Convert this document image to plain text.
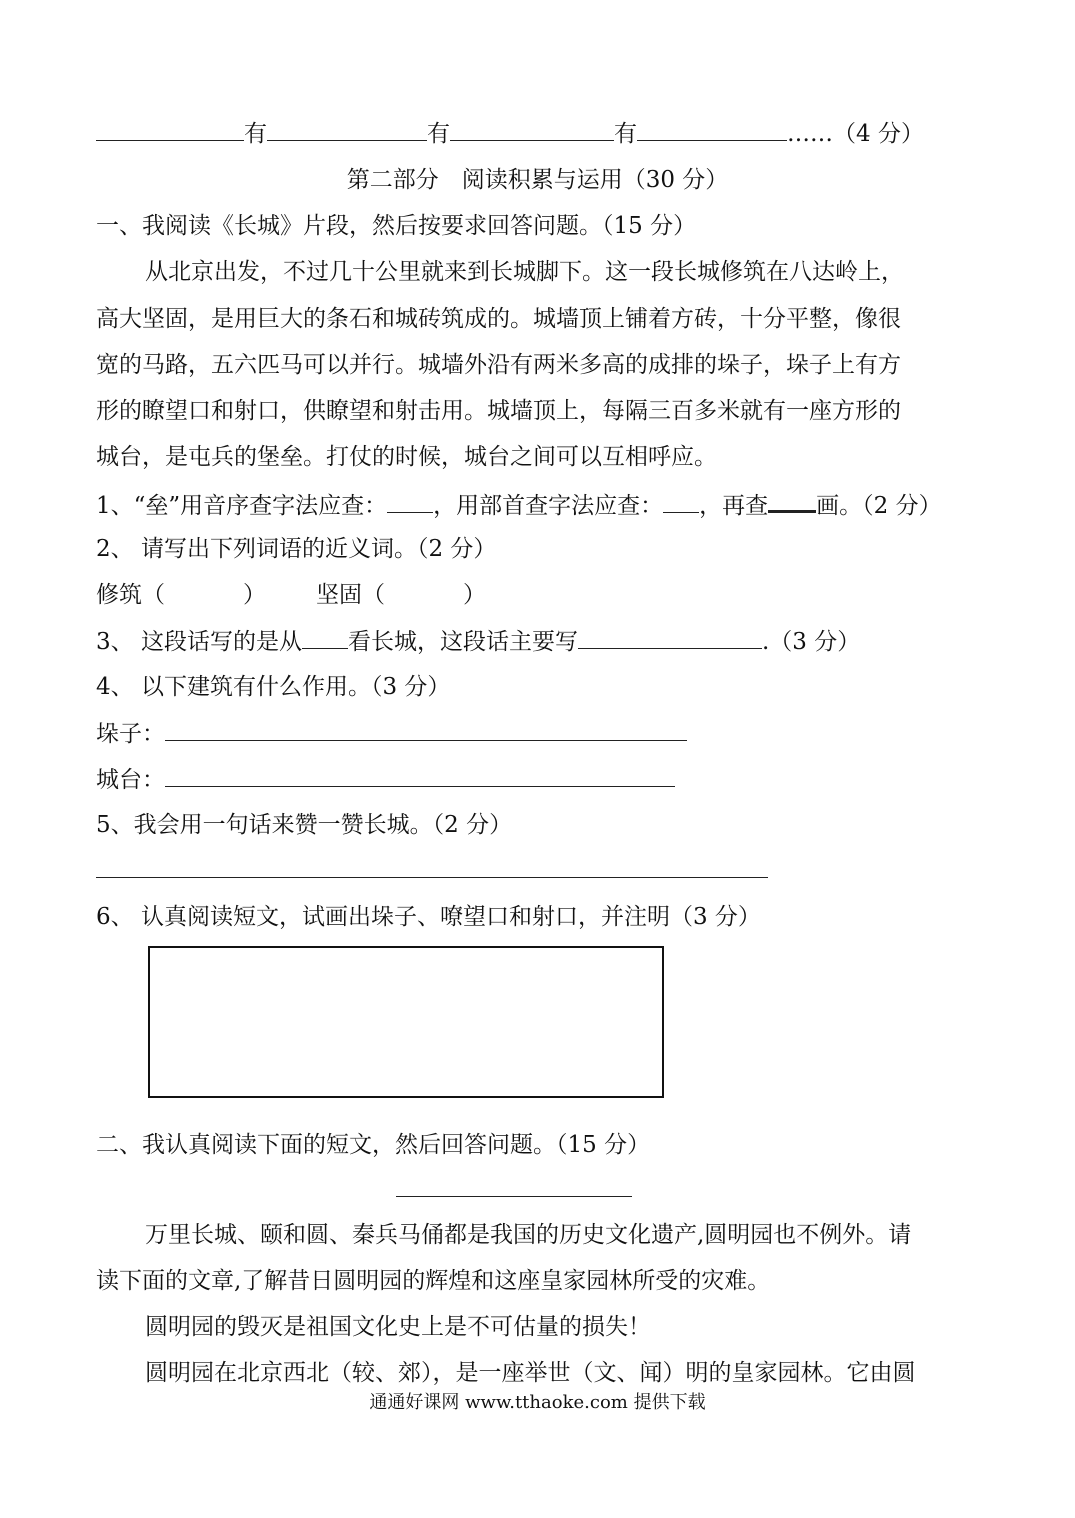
有	有	有	……（4 分）
第二部分　阅读积累与运用（30 分）
一、我阅读《长城》片段，然后按要求回答问题。（15 分）
从北京出发，不过几十公里就来到长城脚下。这一段长城修筑在八达岭上，
高大坚固，是用巨大的条石和城砖筑成的。城墙顶上铺着方砖，十分平整，像很
宽的马路，五六匹马可以并行。城墙外沿有两米多高的成排的垛子，垛子上有方
形的瞭望口和射口，供瞭望和射击用。城墙顶上，每隔三百多米就有一座方形的
城台，是屯兵的堡垒。打仗的时候，城台之间可以互相呼应。
1、“垒”用音序查字法应查： ，用部首查字法应查： ，再查 画。（2 分）
2、 请写出下列词语的近义词。（2 分）
修筑（	） 坚固（	）
3、 这段话写的是从 看长城，这段话主要写	.（3 分）
4、 以下建筑有什么作用。（3 分）
垛子：
城台：
5、我会用一句话来赞一赞长城。（2 分）
6、 认真阅读短文，试画出垛子、嘹望口和射口，并注明（3 分）
二、我认真阅读下面的短文，然后回答问题。（15 分）
万里长城、颐和圆、秦兵马俑都是我国的历史文化遗产,圆明园也不例外。请
读下面的文章,了解昔日圆明园的辉煌和这座皇家园林所受的灾难。
圆明园的毁灭是祖国文化史上是不可估量的损失！
圆明园在北京西北（较、郊），是一座举世（文、闻）明的皇家园林。它由圆
通通好课网 www.tthaoke.com 提供下载
